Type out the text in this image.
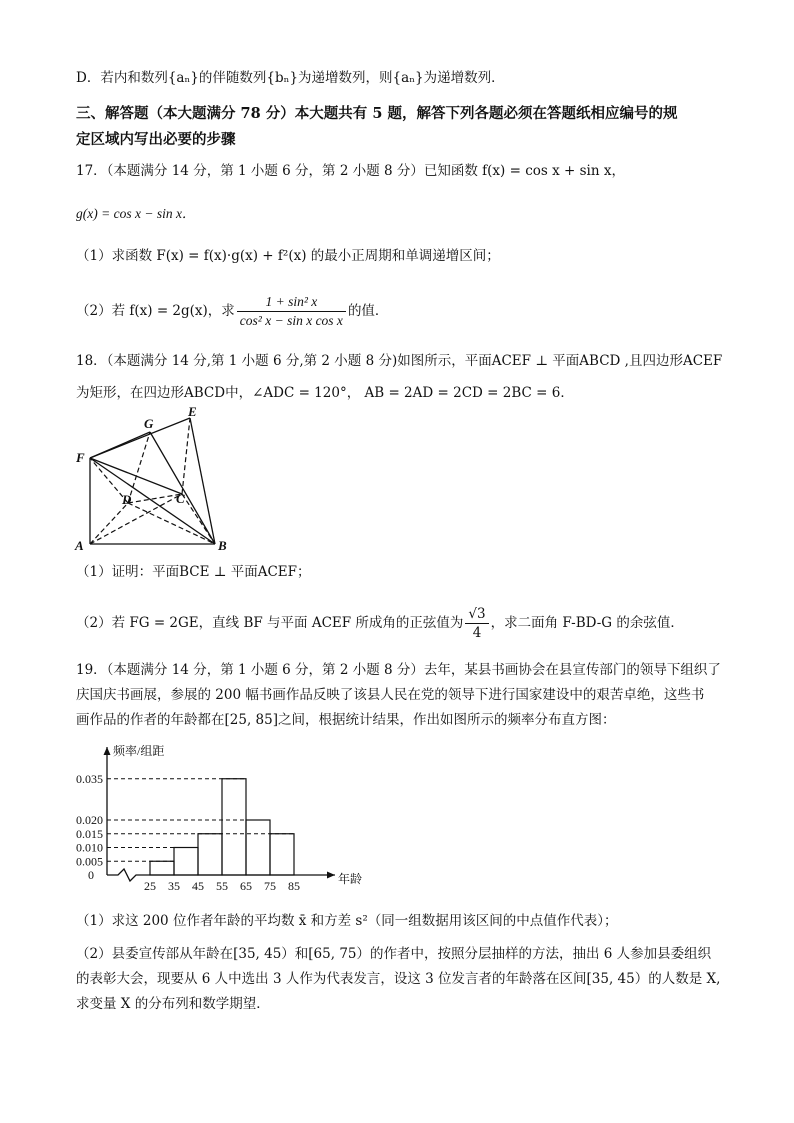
D．若内和数列{aₙ}的伴随数列{bₙ}为递增数列，则{aₙ}为递增数列．
三、解答题（本大题满分 78 分）本大题共有 5 题，解答下列各题必须在答题纸相应编号的规
定区域内写出必要的步骤
17．（本题满分 14 分，第 1 小题 6 分，第 2 小题 8 分）已知函数 f(x) = cos x + sin x，
g(x) = cos x − sin x．
（1）求函数 F(x) = f(x)·g(x) + f²(x) 的最小正周期和单调递增区间；
（2）若 f(x) = 2g(x)，求 $\frac{\text{1 + sin² x}}{\text{cos² x − sin x cos x}}$ 的值．
18．（本题满分 14 分,第 1 小题 6 分,第 2 小题 8 分)如图所示，平面ACEF ⊥ 平面ABCD ,且四边形ACEF
为矩形，在四边形ABCD中，∠ADC = 120°， AB = 2AD = 2CD = 2BC = 6．
A	B
C
D
E
F
G
（1）证明：平面BCE ⊥ 平面ACEF；
（2）若 FG = 2GE，直线 BF 与平面 ACEF 所成角的正弦值为 $\frac{√3}{4}$ ，求二面角 F-BD-G 的余弦值．
19．（本题满分 14 分，第 1 小题 6 分，第 2 小题 8 分）去年，某县书画协会在县宣传部门的领导下组织了
庆国庆书画展，参展的 200 幅书画作品反映了该县人民在党的领导下进行国家建设中的艰苦卓绝，这些书
画作品的作者的年龄都在[25, 85]之间，根据统计结果，作出如图所示的频率分布直方图：
0.035
0.020
0.015
0.010
0.005
0
25 35 45 55 65 75 85
频率/组距
年龄
（1）求这 200 位作者年龄的平均数 x̄ 和方差 s²（同一组数据用该区间的中点值作代表）；
（2）县委宣传部从年龄在[35, 45）和[65, 75）的作者中，按照分层抽样的方法，抽出 6 人参加县委组织
的表彰大会，现要从 6 人中选出 3 人作为代表发言，设这 3 位发言者的年龄落在区间[35, 45）的人数是 X,
求变量 X 的分布列和数学期望．
